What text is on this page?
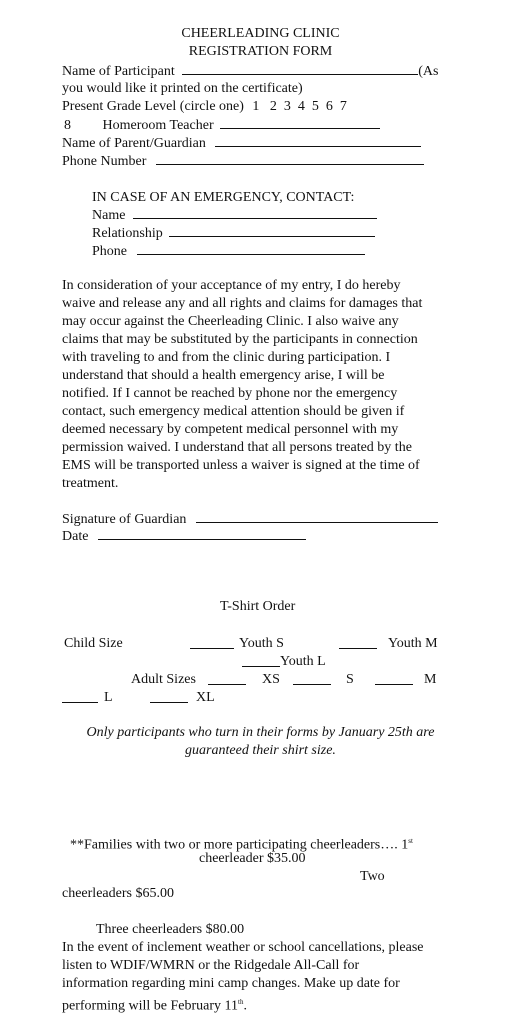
CHEERLEADING CLINIC
REGISTRATION FORM
Name of Participant	(As
you would like it printed on the certificate)
Present Grade Level (circle one) 1   2  3  4  5  6  7
8 Homeroom Teacher
Name of Parent/Guardian
Phone Number
IN CASE OF AN EMERGENCY, CONTACT:
Name
Relationship
Phone
In consideration of your acceptance of my entry, I do hereby
waive and release any and all rights and claims for damages that
may occur against the Cheerleading Clinic. I also waive any
claims that may be substituted by the participants in connection
with traveling to and from the clinic during participation. I
understand that should a health emergency arise, I will be
notified. If I cannot be reached by phone nor the emergency
contact, such emergency medical attention should be given if
deemed necessary by competent medical personnel with my
permission waived. I understand that all persons treated by the
EMS will be transported unless a waiver is signed at the time of
treatment.
Signature of Guardian
Date
T-Shirt Order
Child Size	Youth S	Youth M
Youth L
Adult Sizes	XS	S	M
L	XL
Only participants who turn in their forms by January 25th are
guaranteed their shirt size.
**Families with two or more participating cheerleaders…. 1st
cheerleader $35.00
Two
cheerleaders $65.00
Three cheerleaders $80.00
In the event of inclement weather or school cancellations, please
listen to WDIF/WMRN or the Ridgedale All-Call for
information regarding mini camp changes. Make up date for
performing will be February 11th.
